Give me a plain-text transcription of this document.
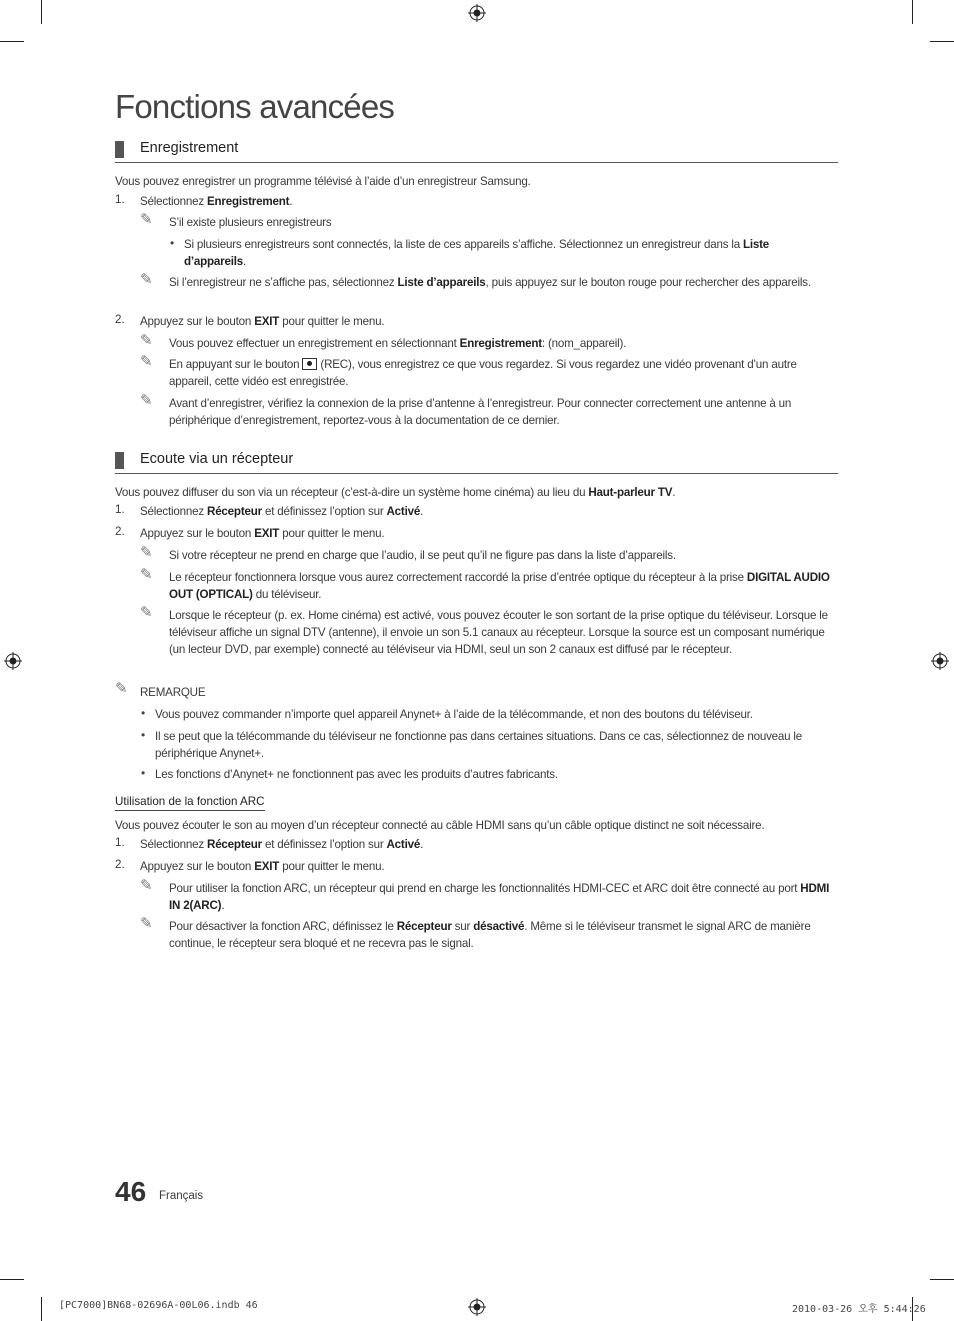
Fonctions avancées
Enregistrement
Vous pouvez enregistrer un programme télévisé à l’aide d’un enregistreur Samsung.
1. Sélectionnez Enregistrement.
✎ S’il existe plusieurs enregistreurs
• Si plusieurs enregistreurs sont connectés, la liste de ces appareils s’affiche. Sélectionnez un enregistreur dans la Liste d’appareils.
✎ Si l’enregistreur ne s’affiche pas, sélectionnez Liste d’appareils, puis appuyez sur le bouton rouge pour rechercher des appareils.
2. Appuyez sur le bouton EXIT pour quitter le menu.
✎ Vous pouvez effectuer un enregistrement en sélectionnant Enregistrement: (nom_appareil).
✎ En appuyant sur le bouton  (REC), vous enregistrez ce que vous regardez. Si vous regardez une vidéo provenant d’un autre appareil, cette vidéo est enregistrée.
✎ Avant d’enregistrer, vérifiez la connexion de la prise d’antenne à l’enregistreur. Pour connecter correctement une antenne à un périphérique d’enregistrement, reportez-vous à la documentation de ce dernier.
Ecoute via un récepteur
Vous pouvez diffuser du son via un récepteur (c’est-à-dire un système home cinéma) au lieu du Haut-parleur TV.
1. Sélectionnez Récepteur et définissez l’option sur Activé.
2. Appuyez sur le bouton EXIT pour quitter le menu.
✎ Si votre récepteur ne prend en charge que l’audio, il se peut qu’il ne figure pas dans la liste d’appareils.
✎ Le récepteur fonctionnera lorsque vous aurez correctement raccordé la prise d’entrée optique du récepteur à la prise DIGITAL AUDIO OUT (OPTICAL) du téléviseur.
✎ Lorsque le récepteur (p. ex. Home cinéma) est activé, vous pouvez écouter le son sortant de la prise optique du téléviseur. Lorsque le téléviseur affiche un signal DTV (antenne), il envoie un son 5.1 canaux au récepteur. Lorsque la source est un composant numérique (un lecteur DVD, par exemple) connecté au téléviseur via HDMI, seul un son 2 canaux est diffusé par le récepteur.
✎ REMARQUE
• Vous pouvez commander n’importe quel appareil Anynet+ à l’aide de la télécommande, et non des boutons du téléviseur.
• Il se peut que la télécommande du téléviseur ne fonctionne pas dans certaines situations. Dans ce cas, sélectionnez de nouveau le périphérique Anynet+.
• Les fonctions d’Anynet+ ne fonctionnent pas avec les produits d’autres fabricants.
Utilisation de la fonction ARC
Vous pouvez écouter le son au moyen d’un récepteur connecté au câble HDMI sans qu’un câble optique distinct ne soit nécessaire.
1. Sélectionnez Récepteur et définissez l’option sur Activé.
2. Appuyez sur le bouton EXIT pour quitter le menu.
✎ Pour utiliser la fonction ARC, un récepteur qui prend en charge les fonctionnalités HDMI-CEC et ARC doit être connecté au port HDMI IN 2(ARC).
✎ Pour désactiver la fonction ARC, définissez le Récepteur sur désactivé. Même si le téléviseur transmet le signal ARC de manière continue, le récepteur sera bloqué et ne recevra pas le signal.
46 Français
[PC7000]BN68-02696A-00L06.indb 46	2010-03-26 오후 5:44:26
